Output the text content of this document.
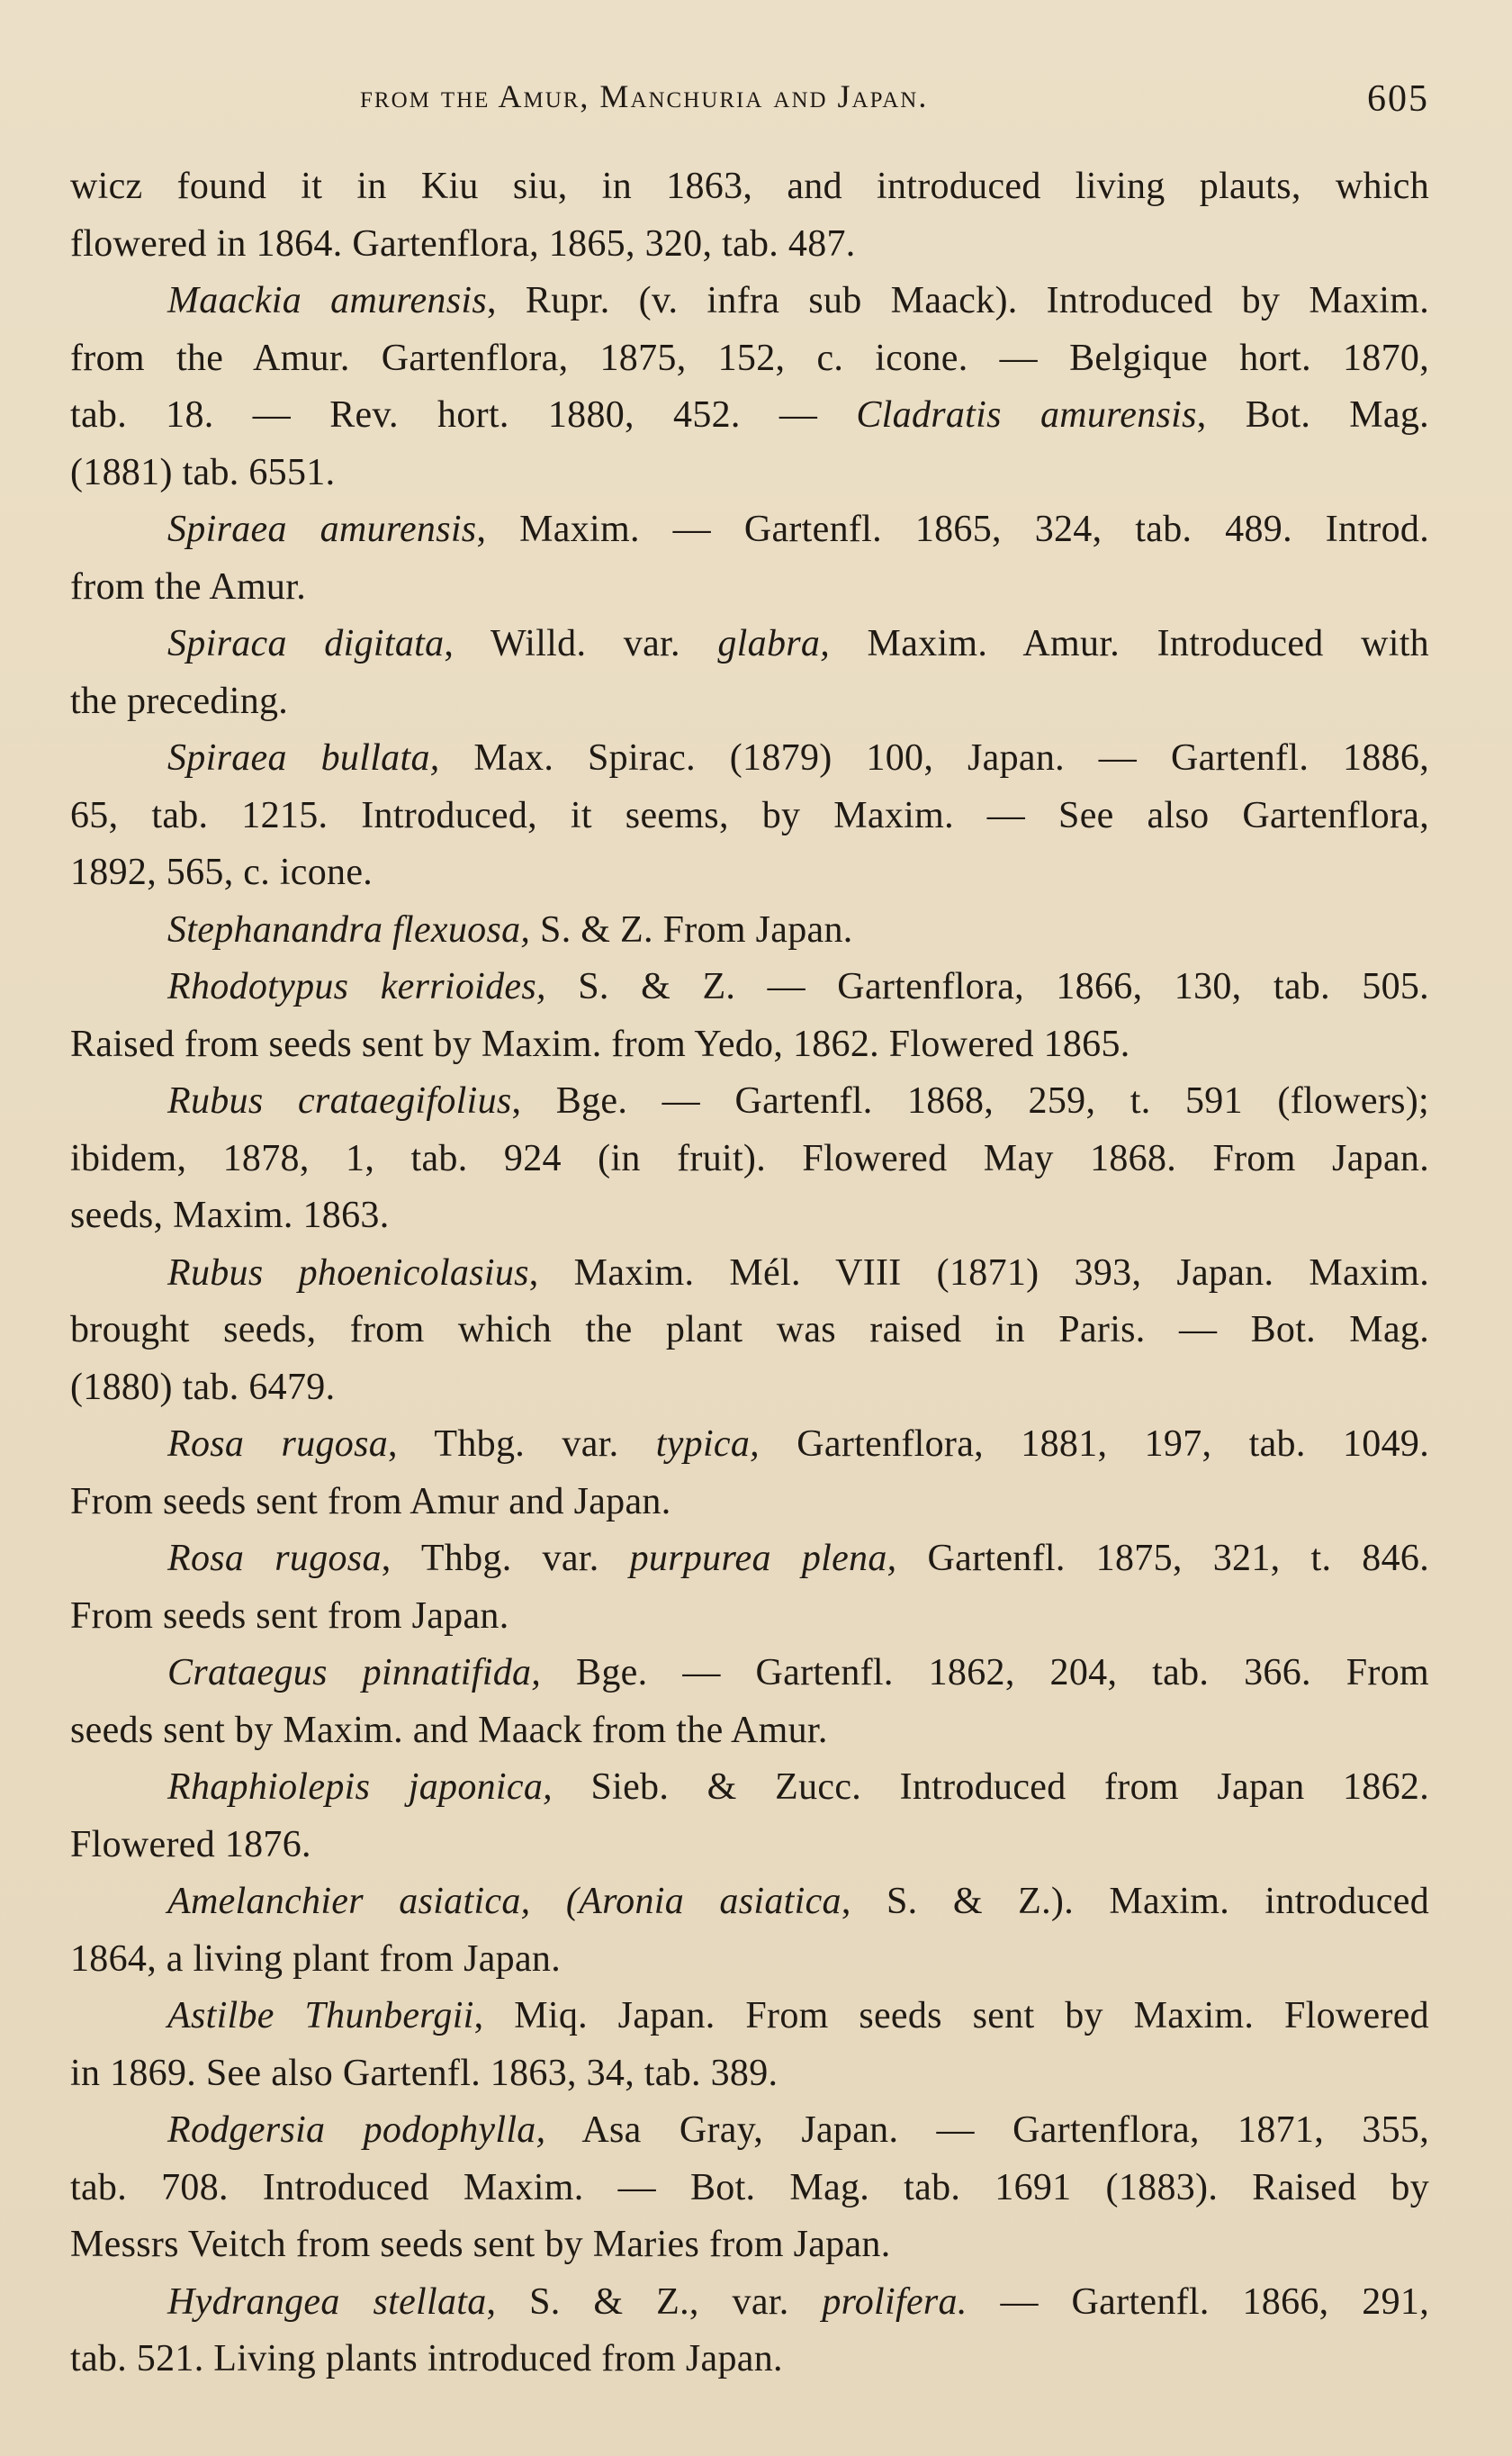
from the Amur, Manchuria and Japan.	605
wicz found it in Kiu siu, in 1863, and introduced living plauts, which
flowered in 1864. Gartenflora, 1865, 320, tab. 487.
Maackia amurensis, Rupr. (v. infra sub Maack). Introduced by Maxim.
from the Amur. Gartenflora, 1875, 152, c. icone. — Belgique hort. 1870,
tab. 18. — Rev. hort. 1880, 452. — Cladratis amurensis, Bot. Mag.
(1881) tab. 6551.
Spiraea amurensis, Maxim. — Gartenfl. 1865, 324, tab. 489. Introd.
from the Amur.
Spiraca digitata, Willd. var. glabra, Maxim. Amur. Introduced with
the preceding.
Spiraea bullata, Max. Spirac. (1879) 100, Japan. — Gartenfl. 1886,
65, tab. 1215. Introduced, it seems, by Maxim. — See also Gartenflora,
1892, 565, c. icone.
Stephanandra flexuosa, S. & Z. From Japan.
Rhodotypus kerrioides, S. & Z. — Gartenflora, 1866, 130, tab. 505.
Raised from seeds sent by Maxim. from Yedo, 1862. Flowered 1865.
Rubus crataegifolius, Bge. — Gartenfl. 1868, 259, t. 591 (flowers);
ibidem, 1878, 1, tab. 924 (in fruit). Flowered May 1868. From Japan.
seeds, Maxim. 1863.
Rubus phoenicolasius, Maxim. Mél. VIII (1871) 393, Japan. Maxim.
brought seeds, from which the plant was raised in Paris. — Bot. Mag.
(1880) tab. 6479.
Rosa rugosa, Thbg. var. typica, Gartenflora, 1881, 197, tab. 1049.
From seeds sent from Amur and Japan.
Rosa rugosa, Thbg. var. purpurea plena, Gartenfl. 1875, 321, t. 846.
From seeds sent from Japan.
Crataegus pinnatifida, Bge. — Gartenfl. 1862, 204, tab. 366. From
seeds sent by Maxim. and Maack from the Amur.
Rhaphiolepis japonica, Sieb. & Zucc. Introduced from Japan 1862.
Flowered 1876.
Amelanchier asiatica, (Aronia asiatica, S. & Z.). Maxim. introduced
1864, a living plant from Japan.
Astilbe Thunbergii, Miq. Japan. From seeds sent by Maxim. Flowered
in 1869. See also Gartenfl. 1863, 34, tab. 389.
Rodgersia podophylla, Asa Gray, Japan. — Gartenflora, 1871, 355,
tab. 708. Introduced Maxim. — Bot. Mag. tab. 1691 (1883). Raised by
Messrs Veitch from seeds sent by Maries from Japan.
Hydrangea stellata, S. & Z., var. prolifera. — Gartenfl. 1866, 291,
tab. 521. Living plants introduced from Japan.
